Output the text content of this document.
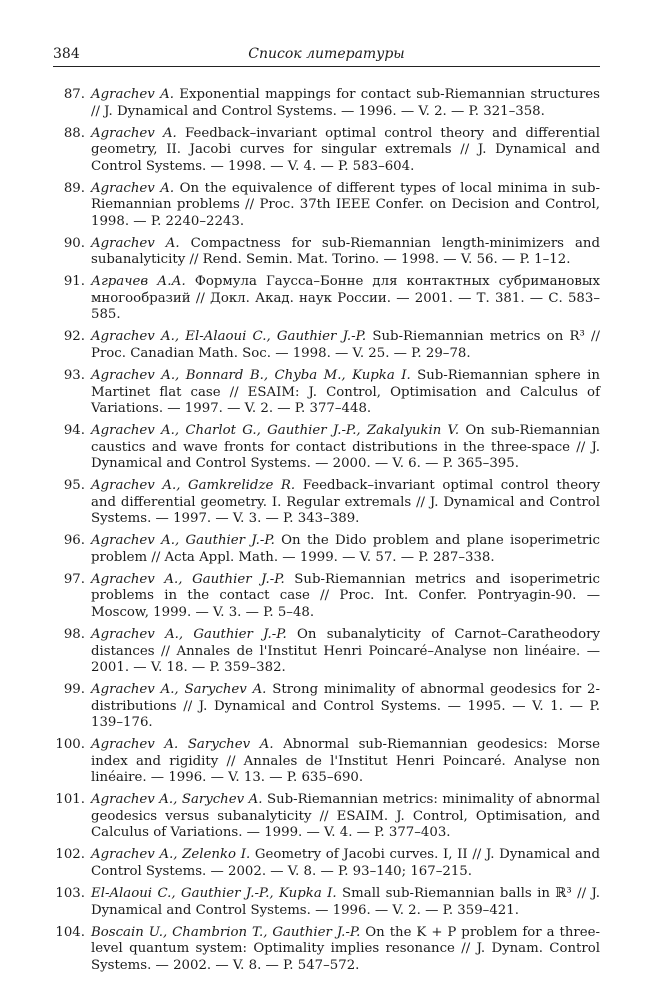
384	Список литературы
87. Agrachev A. Exponential mappings for contact sub-Riemannian structures // J. Dynamical and Control Systems. — 1996. — V. 2. — P. 321–358.
88. Agrachev A. Feedback–invariant optimal control theory and differential geometry, II. Jacobi curves for singular extremals // J. Dynamical and Control Systems. — 1998. — V. 4. — P. 583–604.
89. Agrachev A. On the equivalence of different types of local minima in sub-Riemannian problems // Proc. 37th IEEE Confer. on Decision and Control, 1998. — P. 2240–2243.
90. Agrachev A. Compactness for sub-Riemannian length-minimizers and subanalyticity // Rend. Semin. Mat. Torino. — 1998. — V. 56. — P. 1–12.
91. Аграчев А.А. Формула Гаусса–Бонне для контактных субримановых многообразий // Докл. Акад. наук России. — 2001. — Т. 381. — С. 583–585.
92. Agrachev A., El-Alaoui C., Gauthier J.-P. Sub-Riemannian metrics on R³ // Proc. Canadian Math. Soc. — 1998. — V. 25. — P. 29–78.
93. Agrachev A., Bonnard B., Chyba M., Kupka I. Sub-Riemannian sphere in Martinet flat case // ESAIM: J. Control, Optimisation and Calculus of Variations. — 1997. — V. 2. — P. 377–448.
94. Agrachev A., Charlot G., Gauthier J.-P., Zakalyukin V. On sub-Riemannian caustics and wave fronts for contact distributions in the three-space // J. Dynamical and Control Systems. — 2000. — V. 6. — P. 365–395.
95. Agrachev A., Gamkrelidze R. Feedback–invariant optimal control theory and differential geometry. I. Regular extremals // J. Dynamical and Control Systems. — 1997. — V. 3. — P. 343–389.
96. Agrachev A., Gauthier J.-P. On the Dido problem and plane isoperimetric problem // Acta Appl. Math. — 1999. — V. 57. — P. 287–338.
97. Agrachev A., Gauthier J.-P. Sub-Riemannian metrics and isoperimetric problems in the contact case // Proc. Int. Confer. Pontryagin-90. — Moscow, 1999. — V. 3. — P. 5–48.
98. Agrachev A., Gauthier J.-P. On subanalyticity of Carnot–Caratheodory distances // Annales de l'Institut Henri Poincaré–Analyse non linéaire. — 2001. — V. 18. — P. 359–382.
99. Agrachev A., Sarychev A. Strong minimality of abnormal geodesics for 2-distributions // J. Dynamical and Control Systems. — 1995. — V. 1. — P. 139–176.
100. Agrachev A. Sarychev A. Abnormal sub-Riemannian geodesics: Morse index and rigidity // Annales de l'Institut Henri Poincaré. Analyse non linéaire. — 1996. — V. 13. — P. 635–690.
101. Agrachev A., Sarychev A. Sub-Riemannian metrics: minimality of abnormal geodesics versus subanalyticity // ESAIM. J. Control, Optimisation, and Calculus of Variations. — 1999. — V. 4. — P. 377–403.
102. Agrachev A., Zelenko I. Geometry of Jacobi curves. I, II // J. Dynamical and Control Systems. — 2002. — V. 8. — P. 93–140; 167–215.
103. El-Alaoui C., Gauthier J.-P., Kupka I. Small sub-Riemannian balls in ℝ³ // J. Dynamical and Control Systems. — 1996. — V. 2. — P. 359–421.
104. Boscain U., Chambrion T., Gauthier J.-P. On the K + P problem for a three-level quantum system: Optimality implies resonance // J. Dynam. Control Systems. — 2002. — V. 8. — P. 547–572.
